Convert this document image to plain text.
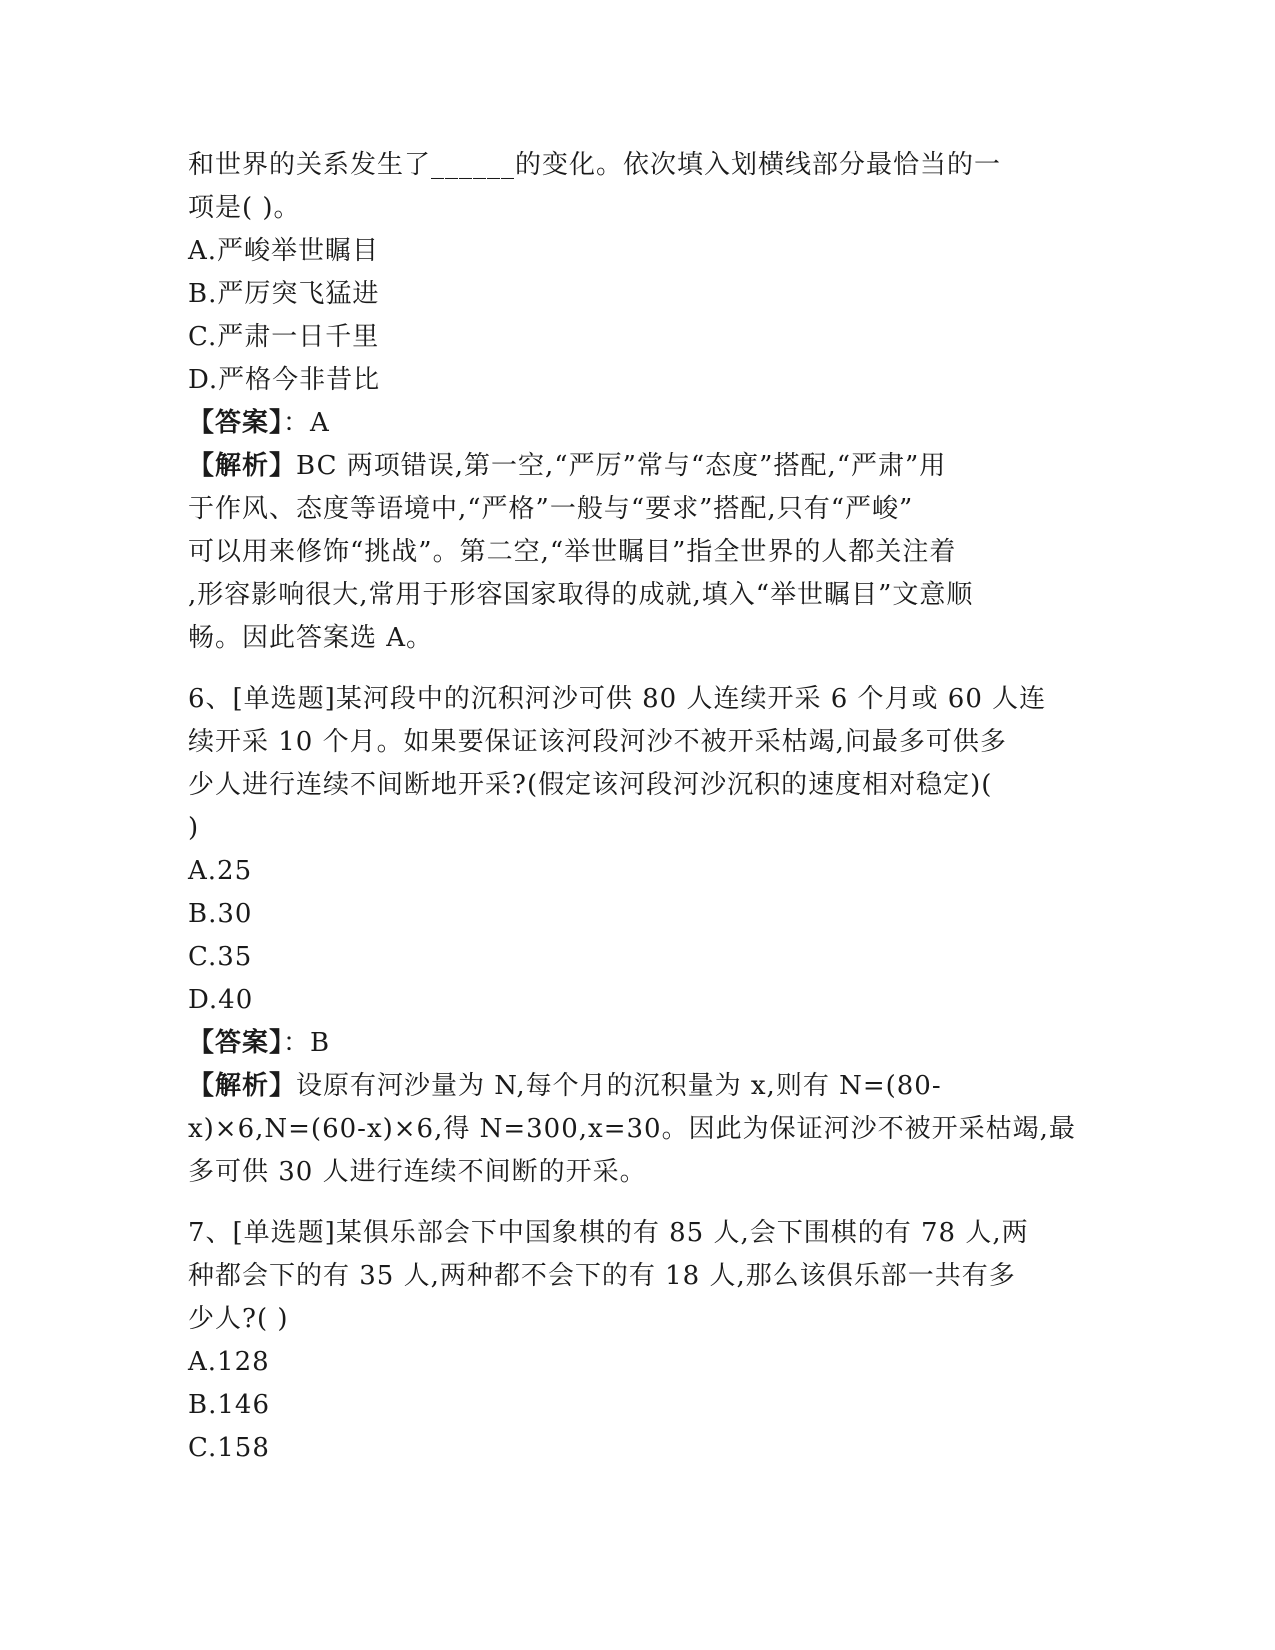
和世界的关系发生了______的变化。依次填入划横线部分最恰当的一
项是( )。
A.严峻举世瞩目
B.严厉突飞猛进
C.严肃一日千里
D.严格今非昔比
【答案】：A
【解析】BC 两项错误,第一空,“严厉”常与“态度”搭配,“严肃”用
于作风、态度等语境中,“严格”一般与“要求”搭配,只有“严峻”
可以用来修饰“挑战”。第二空,“举世瞩目”指全世界的人都关注着
,形容影响很大,常用于形容国家取得的成就,填入“举世瞩目”文意顺
畅。因此答案选 A。
6、[单选题]某河段中的沉积河沙可供 80 人连续开采 6 个月或 60 人连
续开采 10 个月。如果要保证该河段河沙不被开采枯竭,问最多可供多
少人进行连续不间断地开采?(假定该河段河沙沉积的速度相对稳定)(
)
A.25
B.30
C.35
D.40
【答案】：B
【解析】设原有河沙量为 N,每个月的沉积量为 x,则有 N=(80-
x)×6,N=(60-x)×6,得 N=300,x=30。因此为保证河沙不被开采枯竭,最
多可供 30 人进行连续不间断的开采。
7、[单选题]某俱乐部会下中国象棋的有 85 人,会下围棋的有 78 人,两
种都会下的有 35 人,两种都不会下的有 18 人,那么该俱乐部一共有多
少人?( )
A.128
B.146
C.158
